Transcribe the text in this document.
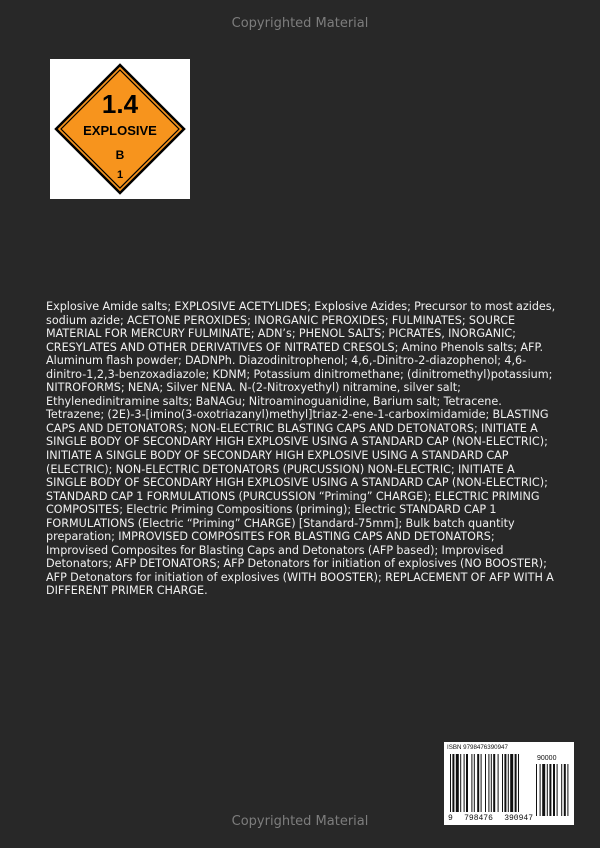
Copyrighted Material
1.4
EXPLOSIVE
B
1
Explosive Amide salts; EXPLOSIVE ACETYLIDES; Explosive Azides; Precursor to most azides, sodium azide; ACETONE PEROXIDES; INORGANIC PEROXIDES; FULMINATES; SOURCE MATERIAL FOR MERCURY FULMINATE; ADN’s; PHENOL SALTS; PICRATES, INORGANIC; CRESYLATES AND OTHER DERIVATIVES OF NITRATED CRESOLS; Amino Phenols salts; AFP. Aluminum flash powder; DADNPh. Diazodinitrophenol; 4,6,-Dinitro-2-diazophenol; 4,6-dinitro-1,2,3-benzoxadiazole; KDNM; Potassium dinitromethane; (dinitromethyl)potassium; NITROFORMS; NENA; Silver NENA. N-(2-Nitroxyethyl) nitramine, silver salt; Ethylenedinitramine salts; BaNAGu; Nitroaminoguanidine, Barium salt; Tetracene. Tetrazene; (2E)-3-[imino(3-oxotriazanyl)methyl]triaz-2-ene-1-carboximidamide; BLASTING CAPS AND DETONATORS; NON-ELECTRIC BLASTING CAPS AND DETONATORS; INITIATE A SINGLE BODY OF SECONDARY HIGH EXPLOSIVE USING A STANDARD CAP (NON-ELECTRIC); INITIATE A SINGLE BODY OF SECONDARY HIGH EXPLOSIVE USING A STANDARD CAP (ELECTRIC); NON-ELECTRIC DETONATORS (PURCUSSION) NON-ELECTRIC; INITIATE A SINGLE BODY OF SECONDARY HIGH EXPLOSIVE USING A STANDARD CAP (NON-ELECTRIC); STANDARD CAP 1 FORMULATIONS (PURCUSSION “Priming” CHARGE); ELECTRIC PRIMING COMPOSITES; Electric Priming Compositions (priming); Electric STANDARD CAP 1 FORMULATIONS (Electric “Priming” CHARGE) [Standard-75mm]; Bulk batch quantity preparation; IMPROVISED COMPOSITES FOR BLASTING CAPS AND DETONATORS; Improvised Composites for Blasting Caps and Detonators (AFP based); Improvised Detonators; AFP DETONATORS; AFP Detonators for initiation of explosives (NO BOOSTER); AFP Detonators for initiation of explosives (WITH BOOSTER); REPLACEMENT OF AFP WITH A DIFFERENT PRIMER CHARGE.
ISBN 9798476390947
90000
9 798476 390947
Copyrighted Material
